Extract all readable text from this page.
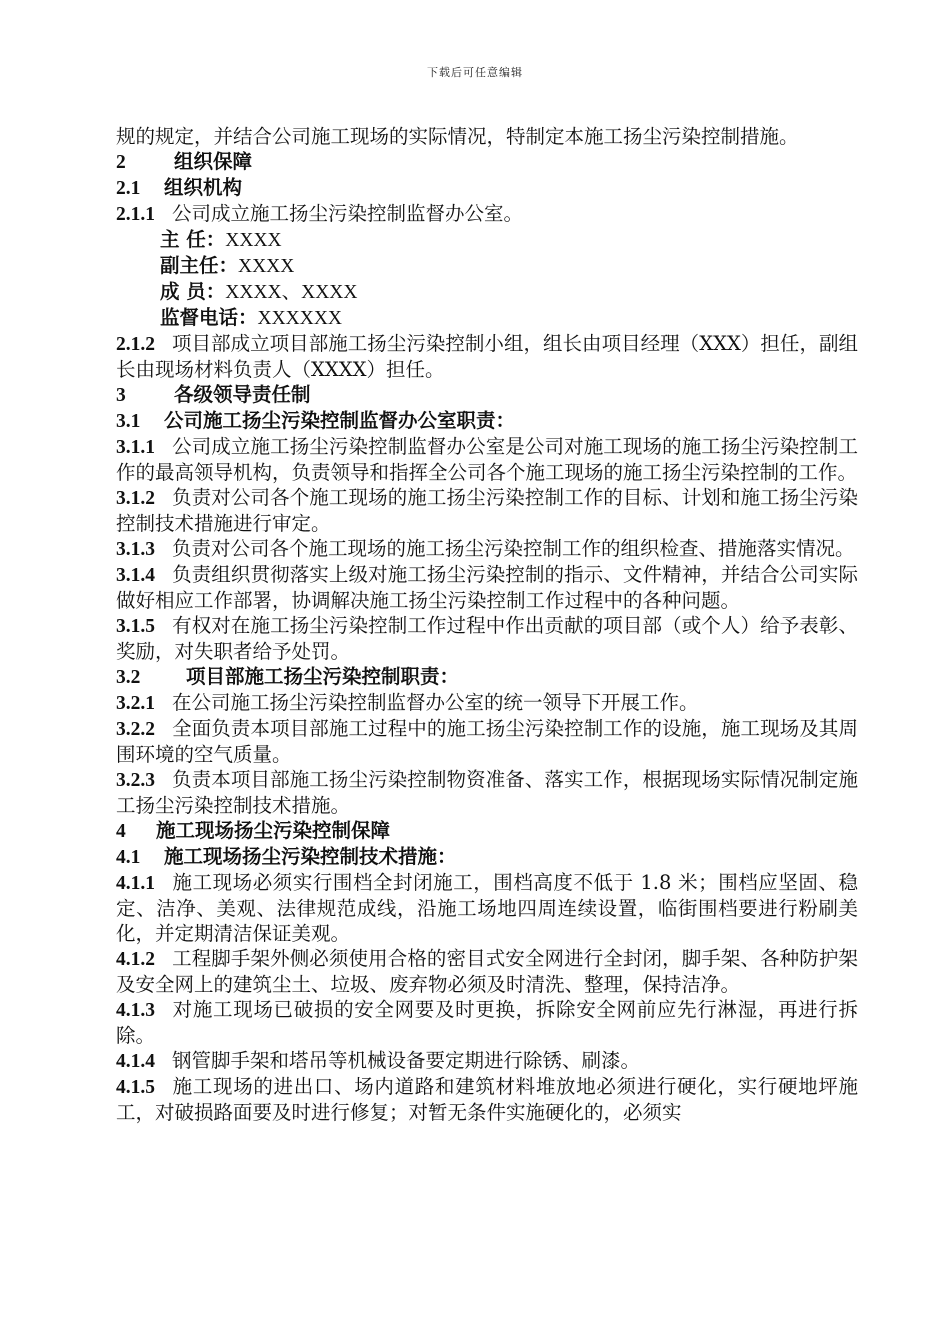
下载后可任意编辑
规的规定，并结合公司施工现场的实际情况，特制定本施工扬尘污染控制措施。
2 组织保障
2.1 组织机构
2.1.1 公司成立施工扬尘污染控制监督办公室。
主 任：XXXX
副主任：XXXX
成 员：XXXX、XXXX
监督电话：XXXXXX
2.1.2 项目部成立项目部施工扬尘污染控制小组，组长由项目经理（XXX）担任，副组长由现场材料负责人（XXXX）担任。
3 各级领导责任制
3.1 公司施工扬尘污染控制监督办公室职责：
3.1.1 公司成立施工扬尘污染控制监督办公室是公司对施工现场的施工扬尘污染控制工作的最高领导机构，负责领导和指挥全公司各个施工现场的施工扬尘污染控制的工作。
3.1.2 负责对公司各个施工现场的施工扬尘污染控制工作的目标、计划和施工扬尘污染控制技术措施进行审定。
3.1.3 负责对公司各个施工现场的施工扬尘污染控制工作的组织检查、措施落实情况。
3.1.4 负责组织贯彻落实上级对施工扬尘污染控制的指示、文件精神，并结合公司实际做好相应工作部署，协调解决施工扬尘污染控制工作过程中的各种问题。
3.1.5 有权对在施工扬尘污染控制工作过程中作出贡献的项目部（或个人）给予表彰、奖励，对失职者给予处罚。
3.2 项目部施工扬尘污染控制职责：
3.2.1 在公司施工扬尘污染控制监督办公室的统一领导下开展工作。
3.2.2 全面负责本项目部施工过程中的施工扬尘污染控制工作的设施，施工现场及其周围环境的空气质量。
3.2.3 负责本项目部施工扬尘污染控制物资准备、落实工作，根据现场实际情况制定施工扬尘污染控制技术措施。
4 施工现场扬尘污染控制保障
4.1 施工现场扬尘污染控制技术措施：
4.1.1 施工现场必须实行围档全封闭施工，围档高度不低于 1.8 米；围档应坚固、稳定、洁净、美观、法律规范成线，沿施工场地四周连续设置，临街围档要进行粉刷美化，并定期清洁保证美观。
4.1.2 工程脚手架外侧必须使用合格的密目式安全网进行全封闭，脚手架、各种防护架及安全网上的建筑尘土、垃圾、废弃物必须及时清洗、整理，保持洁净。
4.1.3 对施工现场已破损的安全网要及时更换，拆除安全网前应先行淋湿，再进行拆除。
4.1.4 钢管脚手架和塔吊等机械设备要定期进行除锈、刷漆。
4.1.5 施工现场的进出口、场内道路和建筑材料堆放地必须进行硬化，实行硬地坪施工，对破损路面要及时进行修复；对暂无条件实施硬化的，必须实
